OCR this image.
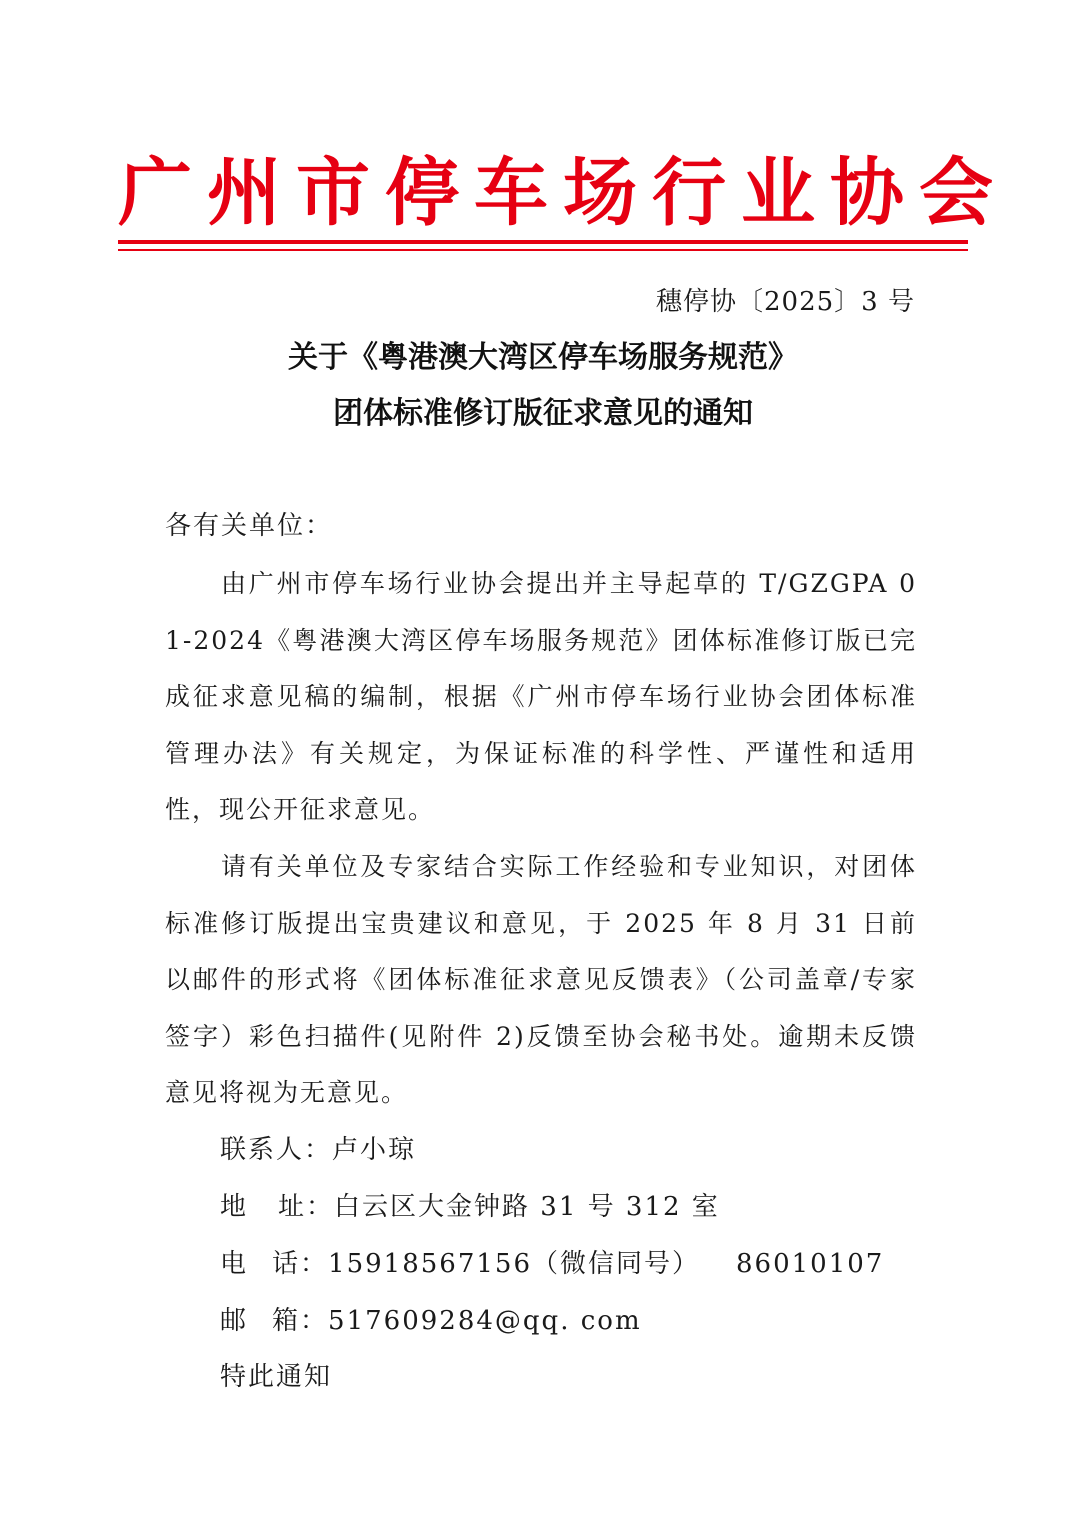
广州市停车场行业协会
穗停协〔2025〕3 号
关于《粤港澳大湾区停车场服务规范》
团体标准修订版征求意见的通知
各有关单位：
由广州市停车场行业协会提出并主导起草的 T/GZGPA 01-2024《粤港澳大湾区停车场服务规范》团体标准修订版已完成征求意见稿的编制，根据《广州市停车场行业协会团体标准管理办法》有关规定，为保证标准的科学性、严谨性和适用性，现公开征求意见。
请有关单位及专家结合实际工作经验和专业知识，对团体标准修订版提出宝贵建议和意见，于 2025 年 8 月 31 日前以邮件的形式将《团体标准征求意见反馈表》（公司盖章/专家签字）彩色扫描件(见附件 2)反馈至协会秘书处。逾期未反馈意见将视为无意见。
联系人：卢小琼
地 址：白云区大金钟路 31 号 312 室
电 话：15918567156（微信同号） 86010107
邮 箱：517609284@qq. com
特此通知
